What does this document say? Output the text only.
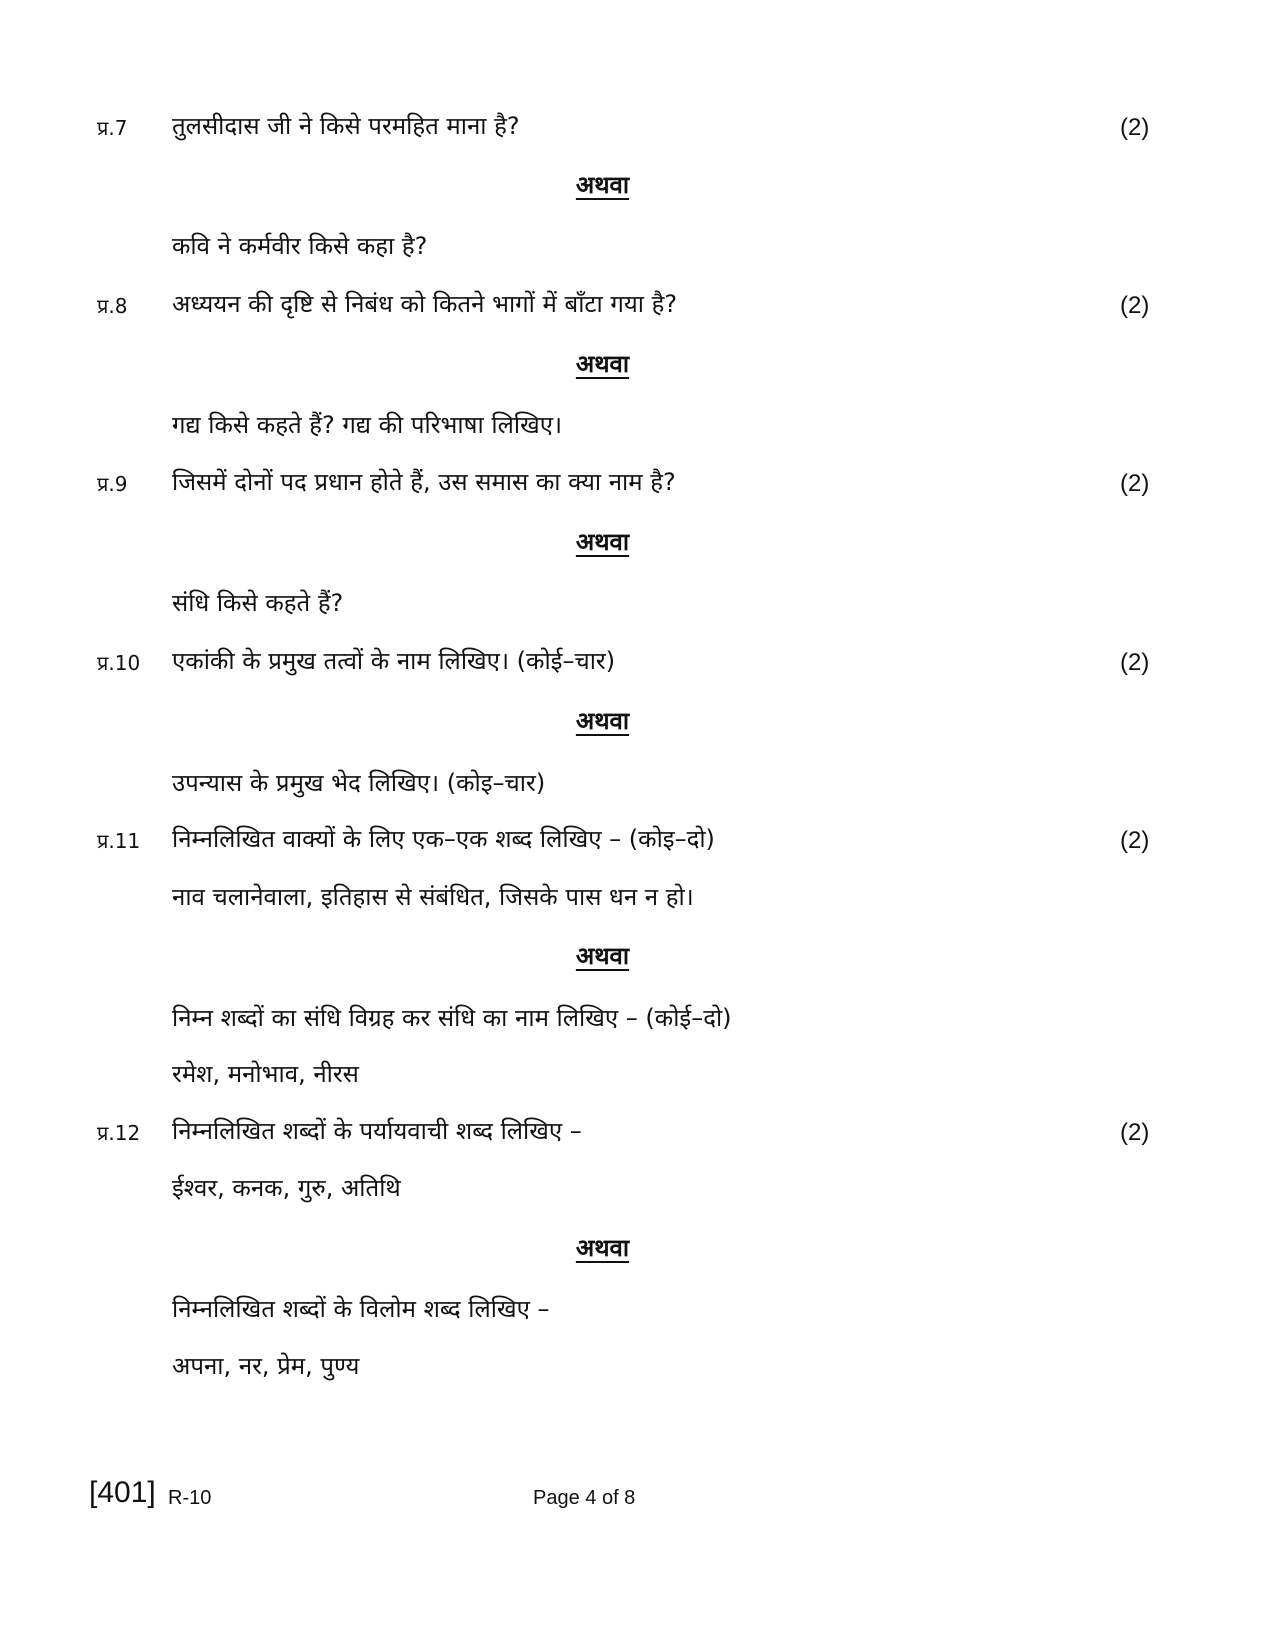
प्र.7 तुलसीदास जी ने किसे परमहित माना है?	(2)
अथवा
कवि ने कर्मवीर किसे कहा है?
प्र.8 अध्ययन की दृष्टि से निबंध को कितने भागों में बाँटा गया है?	(2)
अथवा
गद्य किसे कहते हैं? गद्य की परिभाषा लिखिए।
प्र.9 जिसमें दोनों पद प्रधान होते हैं, उस समास का क्या नाम है?	(2)
अथवा
संधि किसे कहते हैं?
प्र.10 एकांकी के प्रमुख तत्वों के नाम लिखिए। (कोई–चार)	(2)
अथवा
उपन्यास के प्रमुख भेद लिखिए। (कोइ–चार)
प्र.11 निम्नलिखित वाक्यों के लिए एक–एक शब्द लिखिए – (कोइ–दो)	(2)
नाव चलानेवाला, इतिहास से संबंधित, जिसके पास धन न हो।
अथवा
निम्न शब्दों का संधि विग्रह कर संधि का नाम लिखिए – (कोई–दो)
रमेश, मनोभाव, नीरस
प्र.12 निम्नलिखित शब्दों के पर्यायवाची शब्द लिखिए –	(2)
ईश्वर, कनक, गुरु, अतिथि
अथवा
निम्नलिखित शब्दों के विलोम शब्द लिखिए –
अपना, नर, प्रेम, पुण्य
[401] R-10	Page 4 of 8
